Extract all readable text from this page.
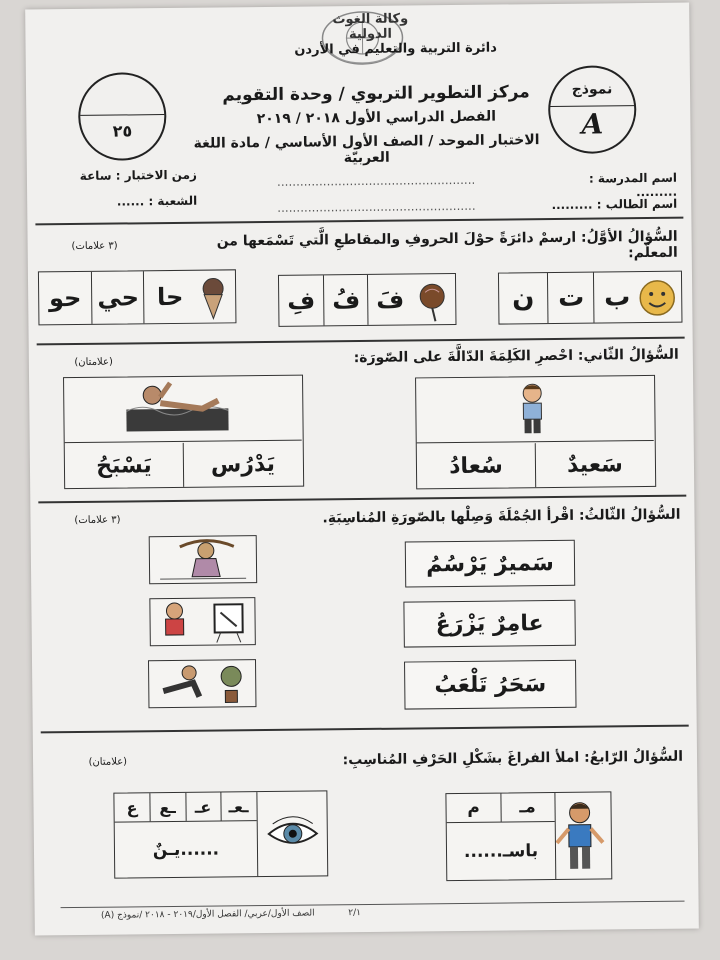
وكالة الغوث الدولية
دائرة التربية والتعليم في الأردن
٢٥
نموذج
A
مركز التطوير التربوي / وحدة التقويم
الفصل الدراسي الأول ٢٠١٨ / ٢٠١٩
الاختبار الموحد / الصف الأول الأساسي / مادة اللغة العربيّة
زمن الاختبار : ساعة
الشعبة : ......
اسم المدرسة : .........
اسم الطالب : .........
....................................................
....................................................
السُّؤالُ الأوَّلُ: ارسمْ دائرَةً حوْلَ الحروفِ والمقاطعِ الَّتي تَسْمَعها من المعلّم:
(٣ علامات)
ب
ت
ن
فَ
فُ
فِ
حا
حي
حو
السُّؤالُ الثّاني: احْصرِ الكَلِمَةَ الدّالَّةَ على الصّورَة:
(علامتان)
سَعيدٌ
سُعادُ
يَدْرُس
يَسْبَحُ
السُّؤالُ الثّالثُ: اقْرأ الجُمْلَةَ وَصِلْها بالصّورَةِ المُناسِبَةِ.
(٣ علامات)
سَميرٌ يَرْسُمُ
عامِرٌ يَزْرَعُ
سَحَرُ تَلْعَبُ
السُّؤالُ الرّابعُ: املأ الفراغَ بشَكْلِ الحَرْفِ المُناسِبِ:
(علامتان)
مـ
م
باسـ......
ـعـ
عـ
ـع
ع
......يـنٌ
الصف الأول/عربي/ الفصل الأول/٢٠١٩ - ٢٠١٨ /نموذج (A)	٢/١
